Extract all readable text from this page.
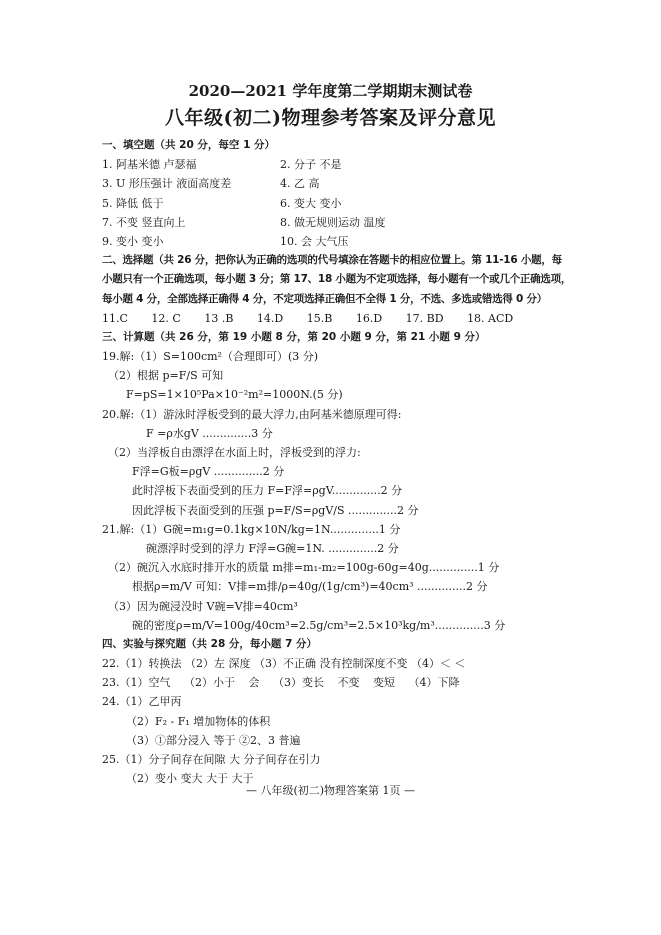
2020—2021 学年度第二学期期末测试卷
八年级(初二)物理参考答案及评分意见
一、填空题（共 20 分，每空 1 分）
1. 阿基米德 卢瑟福	2. 分子 不是
3. U 形压强计 液面高度差	4. 乙 高
5. 降低 低于	6. 变大 变小
7. 不变 竖直向上	8. 做无规则运动 温度
9. 变小 变小	10. 会 大气压
二、选择题（共 26 分，把你认为正确的选项的代号填涂在答题卡的相应位置上。第 11-16 小题，每
小题只有一个正确选项，每小题 3 分；第 17、18 小题为不定项选择，每小题有一个或几个正确选项，
每小题 4 分，全部选择正确得 4 分，不定项选择正确但不全得 1 分，不选、多选或错选得 0 分）
11.C 12. C 13 .B 14.D 15.B 16.D 17. BD 18. ACD
三、计算题（共 26 分，第 19 小题 8 分，第 20 小题 9 分，第 21 小题 9 分）
19.解:（1）S=100cm²（合理即可）(3 分)
（2）根据 p=F/S 可知
F=pS=1×10⁵Pa×10⁻²m²=1000N.(5 分)
20.解:（1）游泳时浮板受到的最大浮力,由阿基米德原理可得:
F =ρ水gV ..............3 分
（2）当浮板自由漂浮在水面上时，浮板受到的浮力:
F浮=G板=ρgV ..............2 分
此时浮板下表面受到的压力 F=F浮=ρgV..............2 分
因此浮板下表面受到的压强 p=F/S=ρgV/S ..............2 分
21.解:（1）G碗=m₁g=0.1kg×10N/kg=1N..............1 分
碗漂浮时受到的浮力 F浮=G碗=1N. ..............2 分
（2）碗沉入水底时排开水的质量 m排=m₁-m₂=100g-60g=40g..............1 分
根据ρ=m/V 可知：V排=m排/ρ=40g/(1g/cm³)=40cm³ ..............2 分
（3）因为碗浸没时 V碗=V排=40cm³
碗的密度ρ=m/V=100g/40cm³=2.5g/cm³=2.5×10³kg/m³..............3 分
四、实验与探究题（共 28 分，每小题 7 分）
22.（1）转换法 （2）左 深度 （3）不正确 没有控制深度不变 （4）＜ ＜
23.（1）空气 （2）小于 会 （3）变长 不变 变短 （4）下降
24.（1）乙甲丙
（2）F₂ - F₁ 增加物体的体积
（3）①部分浸入 等于 ②2、3 普遍
25.（1）分子间存在间隙 大 分子间存在引力
（2）变小 变大 大于 大于
— 八年级(初二)物理答案第 1页 —
